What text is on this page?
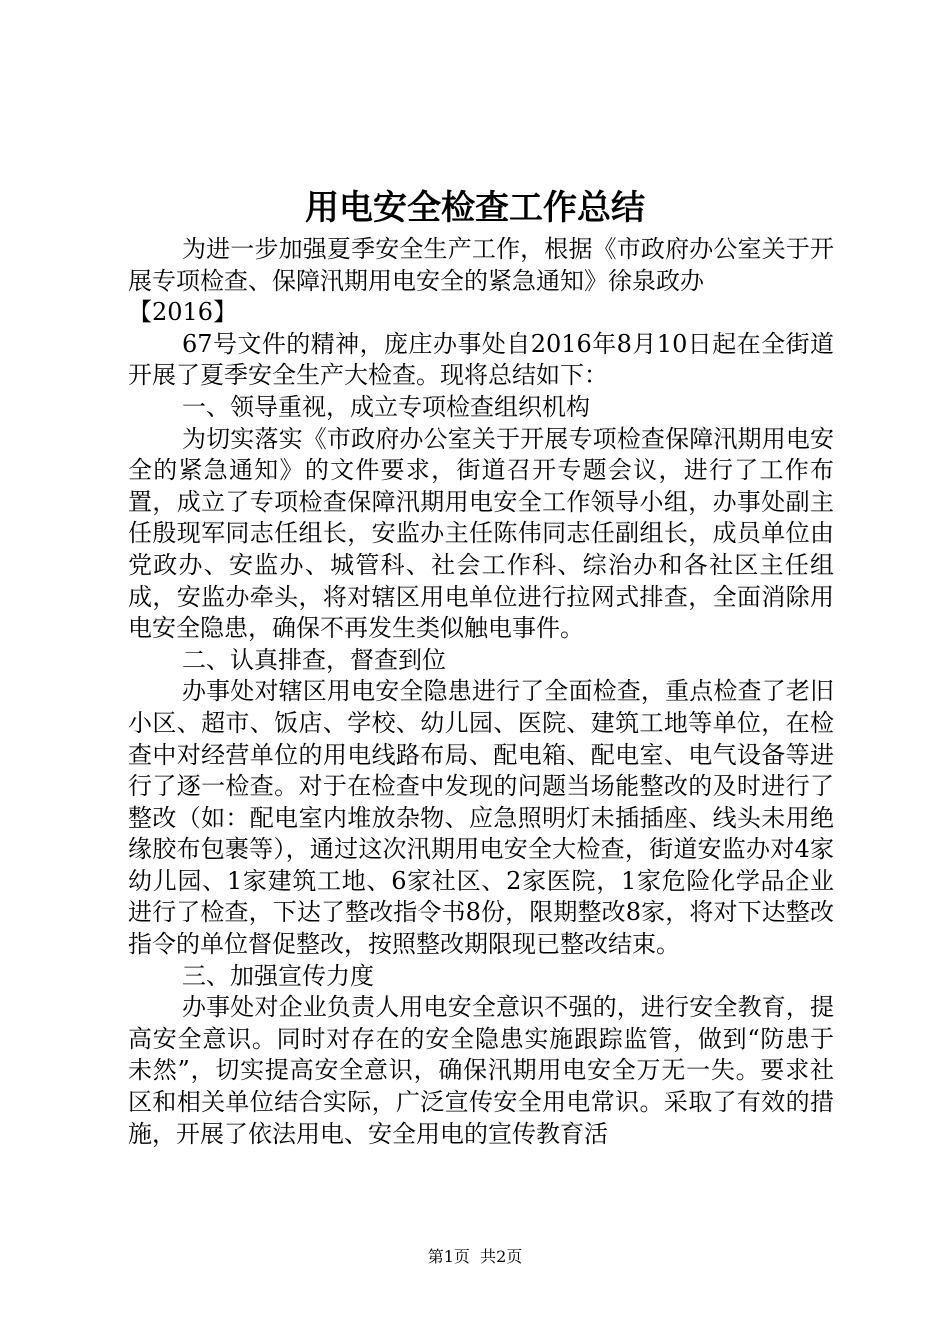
用电安全检查工作总结

为进一步加强夏季安全生产工作，根据《市政府办公室关于开展专项检查、保障汛期用电安全的紧急通知》徐泉政办

【2016】

67号文件的精神，庞庄办事处自2016年8月10日起在全街道开展了夏季安全生产大检查。现将总结如下：

一、领导重视，成立专项检查组织机构

为切实落实《市政府办公室关于开展专项检查保障汛期用电安全的紧急通知》的文件要求，街道召开专题会议，进行了工作布置，成立了专项检查保障汛期用电安全工作领导小组，办事处副主任殷现军同志任组长，安监办主任陈伟同志任副组长，成员单位由党政办、安监办、城管科、社会工作科、综治办和各社区主任组成，安监办牵头，将对辖区用电单位进行拉网式排查，全面消除用电安全隐患，确保不再发生类似触电事件。

二、认真排查，督查到位

办事处对辖区用电安全隐患进行了全面检查，重点检查了老旧小区、超市、饭店、学校、幼儿园、医院、建筑工地等单位，在检查中对经营单位的用电线路布局、配电箱、配电室、电气设备等进行了逐一检查。对于在检查中发现的问题当场能整改的及时进行了整改（如：配电室内堆放杂物、应急照明灯未插插座、线头未用绝缘胶布包裹等），通过这次汛期用电安全大检查，街道安监办对4家幼儿园、1家建筑工地、6家社区、2家医院，1家危险化学品企业进行了检查，下达了整改指令书8份，限期整改8家，将对下达整改指令的单位督促整改，按照整改期限现已整改结束。

三、加强宣传力度

办事处对企业负责人用电安全意识不强的，进行安全教育，提高安全意识。同时对存在的安全隐患实施跟踪监管，做到“防患于未然”，切实提高安全意识，确保汛期用电安全万无一失。要求社区和相关单位结合实际，广泛宣传安全用电常识。采取了有效的措施，开展了依法用电、安全用电的宣传教育活

第1页 共2页
